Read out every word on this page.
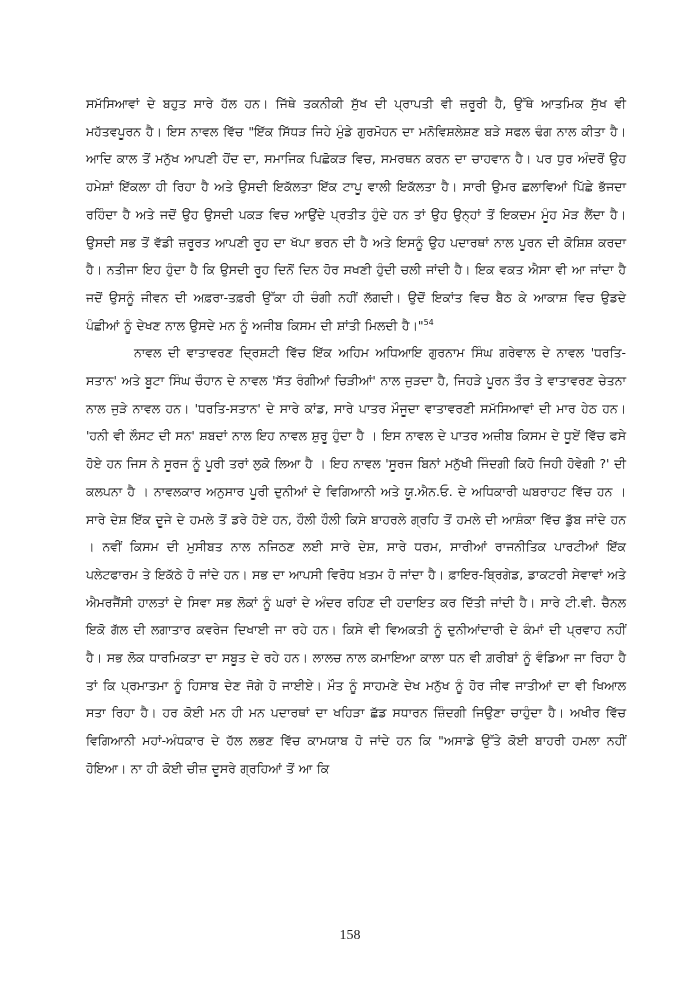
ਸਮੱਸਿਆਵਾਂ ਦੇ ਬਹੁਤ ਸਾਰੇ ਹੱਲ ਹਨ। ਜਿੱਥੇ ਤਕਨੀਕੀ ਸੁੱਖ ਦੀ ਪ੍ਰਾਪਤੀ ਵੀ ਜ਼ਰੂਰੀ ਹੈ, ਉੱਥੇ ਆਤਮਿਕ ਸੁੱਖ ਵੀ ਮਹੱਤਵਪੂਰਨ ਹੈ। ਇਸ ਨਾਵਲ ਵਿੱਚ "ਇੱਕ ਸਿੱਧੜ ਜਿਹੇ ਮੁੰਡੇ ਗੁਰਮੋਹਨ ਦਾ ਮਨੋਵਿਸ਼ਲੇਸ਼ਣ ਬੜੇ ਸਫਲ ਢੰਗ ਨਾਲ ਕੀਤਾ ਹੈ। ਆਦਿ ਕਾਲ ਤੋਂ ਮਨੁੱਖ ਆਪਣੀ ਹੋਂਦ ਦਾ, ਸਮਾਜਿਕ ਪਿਛੋਕੜ ਵਿਚ, ਸਮਰਥਨ ਕਰਨ ਦਾ ਚਾਹਵਾਨ ਹੈ। ਪਰ ਧੁਰ ਅੰਦਰੋਂ ਉਹ ਹਮੇਸ਼ਾਂ ਇੱਕਲਾ ਹੀ ਰਿਹਾ ਹੈ ਅਤੇ ਉਸਦੀ ਇਕੱਲਤਾ ਇੱਕ ਟਾਪੂ ਵਾਲੀ ਇਕੱਲਤਾ ਹੈ। ਸਾਰੀ ਉਮਰ ਛਲਾਵਿਆਂ ਪਿੱਛੇ ਭੱਜਦਾ ਰਹਿੰਦਾ ਹੈ ਅਤੇ ਜਦੋਂ ਉਹ ਉਸਦੀ ਪਕੜ ਵਿਚ ਆਉਂਦੇ ਪ੍ਰਤੀਤ ਹੁੰਦੇ ਹਨ ਤਾਂ ਉਹ ਉਨ੍ਹਾਂ ਤੋਂ ਇਕਦਮ ਮੂੰਹ ਮੋੜ ਲੈਂਦਾ ਹੈ। ਉਸਦੀ ਸਭ ਤੋਂ ਵੱਡੀ ਜ਼ਰੂਰਤ ਆਪਣੀ ਰੂਹ ਦਾ ਖੱਪਾ ਭਰਨ ਦੀ ਹੈ ਅਤੇ ਇਸਨੂੰ ਉਹ ਪਦਾਰਥਾਂ ਨਾਲ ਪੂਰਨ ਦੀ ਕੋਸ਼ਿਸ਼ ਕਰਦਾ ਹੈ। ਨਤੀਜਾ ਇਹ ਹੁੰਦਾ ਹੈ ਕਿ ਉਸਦੀ ਰੂਹ ਦਿਨੋਂ ਦਿਨ ਹੋਰ ਸਖਣੀ ਹੁੰਦੀ ਚਲੀ ਜਾਂਦੀ ਹੈ। ਇਕ ਵਕਤ ਐਸਾ ਵੀ ਆ ਜਾਂਦਾ ਹੈ ਜਦੋਂ ਉਸਨੂੰ ਜੀਵਨ ਦੀ ਅਫ਼ਰਾ-ਤਫ਼ਰੀ ਉੱਕਾ ਹੀ ਚੰਗੀ ਨਹੀਂ ਲੱਗਦੀ। ਉਦੋਂ ਇਕਾਂਤ ਵਿਚ ਬੈਠ ਕੇ ਆਕਾਸ਼ ਵਿਚ ਉਡਦੇ ਪੰਛੀਆਂ ਨੂੰ ਦੇਖਣ ਨਾਲ ਉਸਦੇ ਮਨ ਨੂੰ ਅਜੀਬ ਕਿਸਮ ਦੀ ਸ਼ਾਂਤੀ ਮਿਲਦੀ ਹੈ।"$^{54}$

ਨਾਵਲ ਦੀ ਵਾਤਾਵਰਣ ਦ੍ਰਿਸ਼ਟੀ ਵਿੱਚ ਇੱਕ ਅਹਿਮ ਅਧਿਆਇ ਗੁਰਨਾਮ ਸਿੰਘ ਗਰੇਵਾਲ ਦੇ ਨਾਵਲ 'ਧਰਤਿ-ਸਤਾਨ' ਅਤੇ ਬੂਟਾ ਸਿੰਘ ਚੌਹਾਨ ਦੇ ਨਾਵਲ 'ਸੱਤ ਰੰਗੀਆਂ ਚਿੜੀਆਂ' ਨਾਲ ਜੁੜਦਾ ਹੈ, ਜਿਹੜੇ ਪੂਰਨ ਤੌਰ ਤੇ ਵਾਤਾਵਰਣ ਚੇਤਨਾ ਨਾਲ ਜੁੜੇ ਨਾਵਲ ਹਨ। 'ਧਰਤਿ-ਸਤਾਨ' ਦੇ ਸਾਰੇ ਕਾਂਡ, ਸਾਰੇ ਪਾਤਰ ਮੌਜੂਦਾ ਵਾਤਾਵਰਣੀ ਸਮੱਸਿਆਵਾਂ ਦੀ ਮਾਰ ਹੇਠ ਹਨ। 'ਹਨੀ ਵੀ ਲੌਸਟ ਦੀ ਸਨ' ਸ਼ਬਦਾਂ ਨਾਲ ਇਹ ਨਾਵਲ ਸ਼ੁਰੂ ਹੁੰਦਾ ਹੈ । ਇਸ ਨਾਵਲ ਦੇ ਪਾਤਰ ਅਜ਼ੀਬ ਕਿਸਮ ਦੇ ਧੂਏਂ ਵਿੱਚ ਫਸੇ ਹੋਏ ਹਨ ਜਿਸ ਨੇ ਸੂਰਜ ਨੂੰ ਪੂਰੀ ਤਰਾਂ ਲੁਕੋ ਲਿਆ ਹੈ । ਇਹ ਨਾਵਲ 'ਸੂਰਜ ਬਿਨਾਂ ਮਨੁੱਖੀ ਜਿੰਦਗੀ ਕਿਹੋ ਜਿਹੀ ਹੋਵੇਗੀ ?' ਦੀ ਕਲਪਨਾ ਹੈ । ਨਾਵਲਕਾਰ ਅਨੁਸਾਰ ਪੂਰੀ ਦੁਨੀਆਂ ਦੇ ਵਿਗਿਆਨੀ ਅਤੇ ਯੂ.ਐਨ.ਓ. ਦੇ ਅਧਿਕਾਰੀ ਘਬਰਾਹਟ ਵਿੱਚ ਹਨ । ਸਾਰੇ ਦੇਸ਼ ਇੱਕ ਦੂਜੇ ਦੇ ਹਮਲੇ ਤੋਂ ਡਰੇ ਹੋਏ ਹਨ, ਹੌਲੀ ਹੌਲੀ ਕਿਸੇ ਬਾਹਰਲੇ ਗ੍ਰਹਿ ਤੋਂ ਹਮਲੇ ਦੀ ਆਸ਼ੰਕਾ ਵਿੱਚ ਡੁੱਬ ਜਾਂਦੇ ਹਨ । ਨਵੀਂ ਕਿਸਮ ਦੀ ਮੁਸੀਬਤ ਨਾਲ ਨਜਿਠਣ ਲਈ ਸਾਰੇ ਦੇਸ਼, ਸਾਰੇ ਧਰਮ, ਸਾਰੀਆਂ ਰਾਜਨੀਤਿਕ ਪਾਰਟੀਆਂ ਇੱਕ ਪਲੇਟਫਾਰਮ ਤੇ ਇਕੱਠੇ ਹੋ ਜਾਂਦੇ ਹਨ। ਸਭ ਦਾ ਆਪਸੀ ਵਿਰੋਧ ਖ਼ਤਮ ਹੋ ਜਾਂਦਾ ਹੈ। ਫ਼ਾਇਰ-ਬ੍ਰਿਗੇਡ, ਡਾਕਟਰੀ ਸੇਵਾਵਾਂ ਅਤੇ ਐਮਰਜੈਂਸੀ ਹਾਲਤਾਂ ਦੇ ਸਿਵਾ ਸਭ ਲੋਕਾਂ ਨੂੰ ਘਰਾਂ ਦੇ ਅੰਦਰ ਰਹਿਣ ਦੀ ਹਦਾਇਤ ਕਰ ਦਿੱਤੀ ਜਾਂਦੀ ਹੈ। ਸਾਰੇ ਟੀ.ਵੀ. ਚੈਨਲ ਇਕੋ ਗੱਲ ਦੀ ਲਗਾਤਾਰ ਕਵਰੇਜ ਦਿਖਾਈ ਜਾ ਰਹੇ ਹਨ। ਕਿਸੇ ਵੀ ਵਿਅਕਤੀ ਨੂੰ ਦੁਨੀਆਂਦਾਰੀ ਦੇ ਕੰਮਾਂ ਦੀ ਪ੍ਰਵਾਹ ਨਹੀਂ ਹੈ। ਸਭ ਲੋਕ ਧਾਰਮਿਕਤਾ ਦਾ ਸਬੂਤ ਦੇ ਰਹੇ ਹਨ। ਲਾਲਚ ਨਾਲ ਕਮਾਇਆ ਕਾਲਾ ਧਨ ਵੀ ਗ਼ਰੀਬਾਂ ਨੂੰ ਵੰਡਿਆ ਜਾ ਰਿਹਾ ਹੈ ਤਾਂ ਕਿ ਪ੍ਰਮਾਤਮਾ ਨੂੰ ਹਿਸਾਬ ਦੇਣ ਜੋਗੇ ਹੋ ਜਾਈਏ। ਮੌਤ ਨੂੰ ਸਾਹਮਣੇ ਦੇਖ ਮਨੁੱਖ ਨੂੰ ਹੋਰ ਜੀਵ ਜਾਤੀਆਂ ਦਾ ਵੀ ਖਿਆਲ ਸਤਾ ਰਿਹਾ ਹੈ। ਹਰ ਕੋਈ ਮਨ ਹੀ ਮਨ ਪਦਾਰਥਾਂ ਦਾ ਖਹਿੜਾ ਛੱਡ ਸਧਾਰਨ ਜ਼ਿੰਦਗੀ ਜਿਉਣਾ ਚਾਹੁੰਦਾ ਹੈ। ਅਖੀਰ ਵਿੱਚ ਵਿਗਿਆਨੀ ਮਹਾਂ-ਅੰਧਕਾਰ ਦੇ ਹੱਲ ਲਭਣ ਵਿੱਚ ਕਾਮਯਾਬ ਹੋ ਜਾਂਦੇ ਹਨ ਕਿ "ਅਸਾਡੇ ਉੱਤੇ ਕੋਈ ਬਾਹਰੀ ਹਮਲਾ ਨਹੀਂ ਹੋਇਆ। ਨਾ ਹੀ ਕੋਈ ਚੀਜ਼ ਦੂਸਰੇ ਗ੍ਰਹਿਆਂ ਤੋਂ ਆ ਕਿ

158
